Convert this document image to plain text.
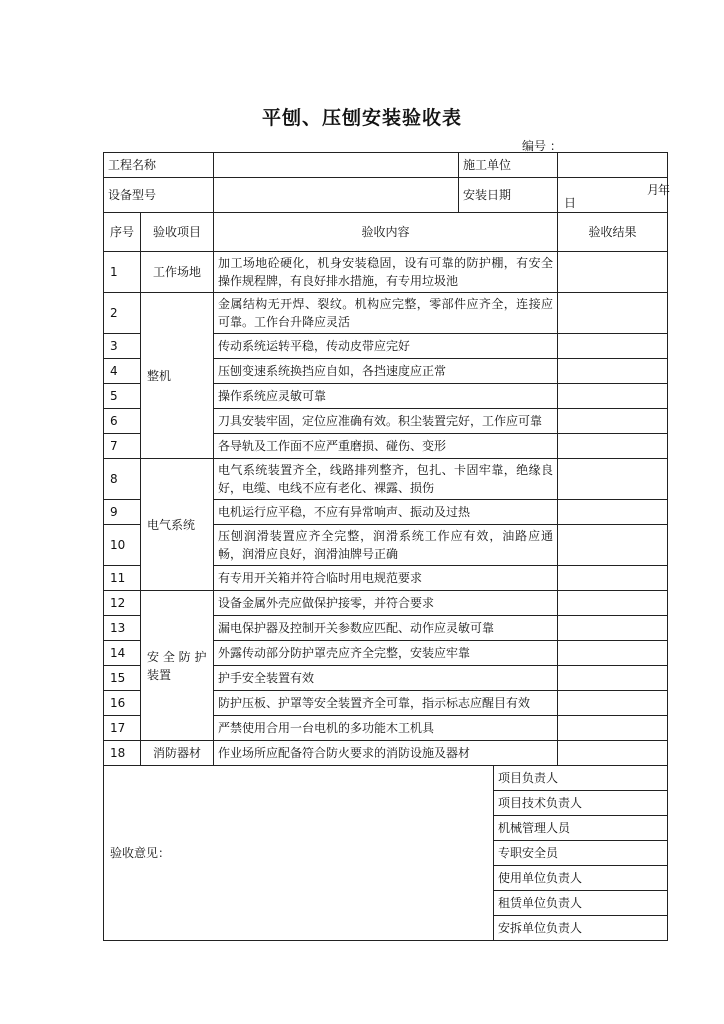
平刨、压刨安装验收表
编号 ：
工程名称			施工单位		
设备型号			安装日期		年
月
日

序号	验收项目	验收内容			验收结果
1	工作场地	加工场地砼硬化，机身安装稳固，设有可靠的防护棚，有安全操作规程牌，有良好排水措施，有专用垃圾池			
2	整机	金属结构无开焊、裂纹。机构应完整，零部件应齐全，连接应可靠。工作台升降应灵活			
3		传动系统运转平稳，传动皮带应完好			
4		压刨变速系统换挡应自如，各挡速度应正常			
5		操作系统应灵敏可靠			
6		刀具安装牢固，定位应准确有效。积尘装置完好，工作应可靠			
7		各导轨及工作面不应严重磨损、碰伤、变形			
8	电气系统	电气系统装置齐全，线路排列整齐，包扎、卡固牢靠，绝缘良好，电缆、电线不应有老化、裸露、损伤			
9		电机运行应平稳，不应有异常响声、振动及过热			
10		压刨润滑装置应齐全完整，润滑系统工作应有效，油路应通畅，润滑应良好，润滑油牌号正确			
11		有专用开关箱并符合临时用电规范要求			
12	安 全 防 护 装置	设备金属外壳应做保护接零，并符合要求			
13		漏电保护器及控制开关参数应匹配、动作应灵敏可靠			
14		外露传动部分防护罩壳应齐全完整，安装应牢靠			
15		护手安全装置有效			
16		防护压板、护罩等安全装置齐全可靠，指示标志应醒目有效			
17		严禁使用合用一台电机的多功能木工机具			
18	消防器材	作业场所应配备符合防火要求的消防设施及器材			
验收意见：				项目负责人	
				项目技术负责人	
				机械管理人员	
				专职安全员	
				使用单位负责人	
				租赁单位负责人	
				安拆单位负责人	
